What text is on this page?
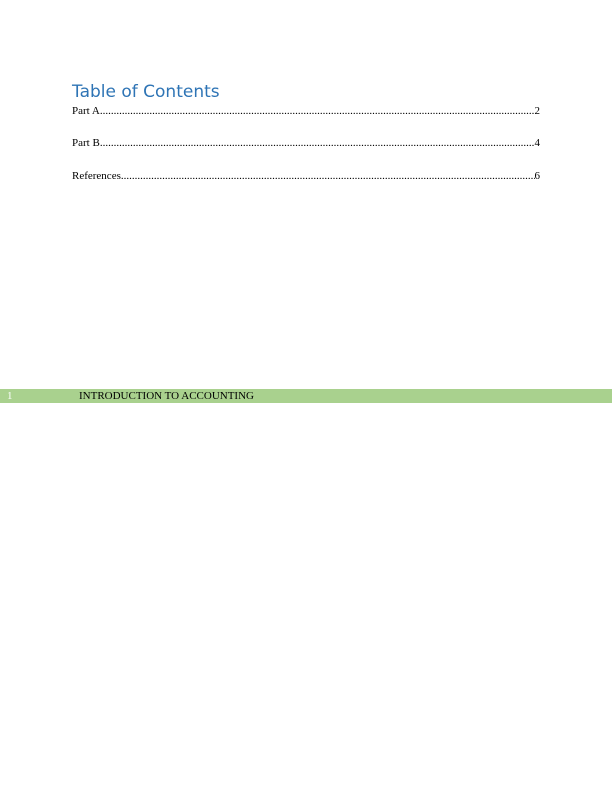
Table of Contents
Part A .....	2
Part B .....	4
References .....	6
1	INTRODUCTION TO ACCOUNTING
